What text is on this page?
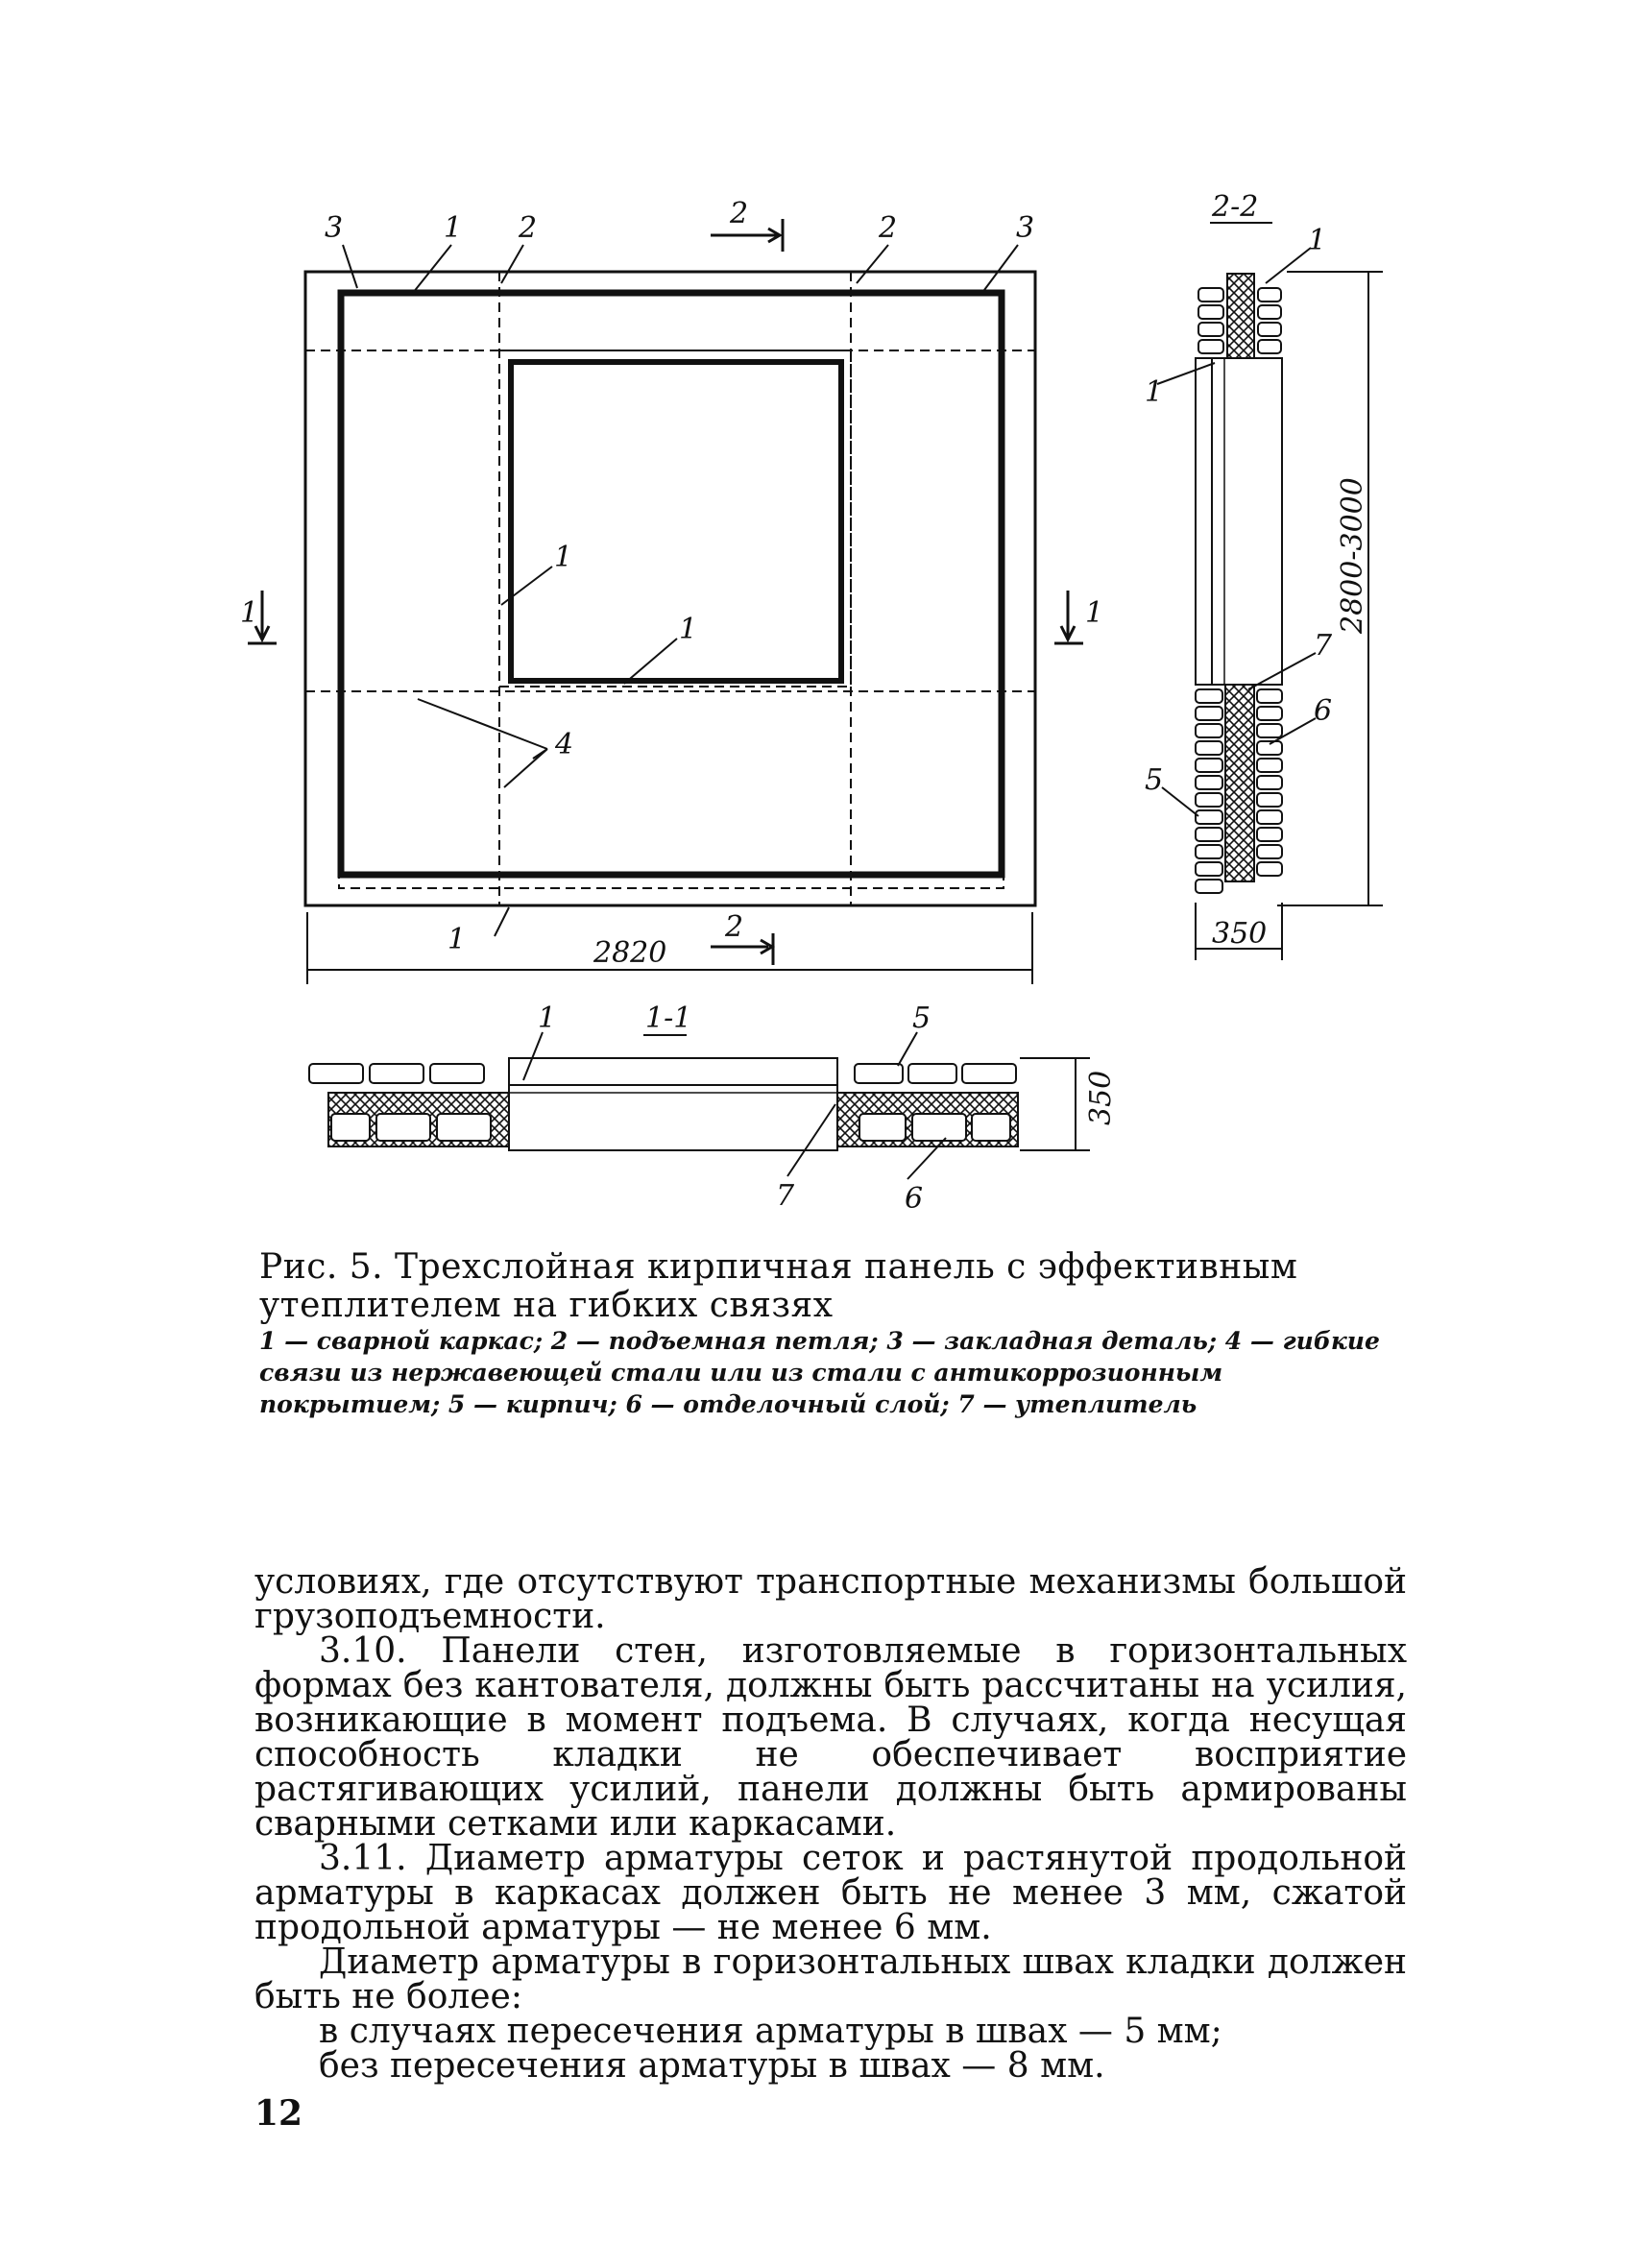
3	1 2	2	2	3
1	1
1
1
4
1	2
2820
2-2
1
1
7
6
5
2800-3000
350
1-1
1	5
7	6
350
Рис. 5. Трехслойная кирпичная панель с эффективным утеплителем на гибких связях
1 — сварной каркас; 2 — подъемная петля; 3 — закладная деталь; 4 — гибкие связи из нержавеющей стали или из стали с антикоррозионным покрытием; 5 — кирпич; 6 — отделочный слой; 7 — утеплитель

условиях, где отсутствуют транспортные механизмы большой грузоподъемности.

3.10. Панели стен, изготовляемые в горизонтальных формах без кантователя, должны быть рассчитаны на усилия, возникающие в момент подъема. В случаях, когда несущая способность кладки не обеспечивает восприятие растягивающих усилий, панели должны быть армированы сварными сетками или каркасами.

3.11. Диаметр арматуры сеток и растянутой продольной арматуры в каркасах должен быть не менее 3 мм, сжатой продольной арматуры — не менее 6 мм.

Диаметр арматуры в горизонтальных швах кладки должен быть не более:

в случаях пересечения арматуры в швах — 5 мм;

без пересечения арматуры в швах — 8 мм.

12
